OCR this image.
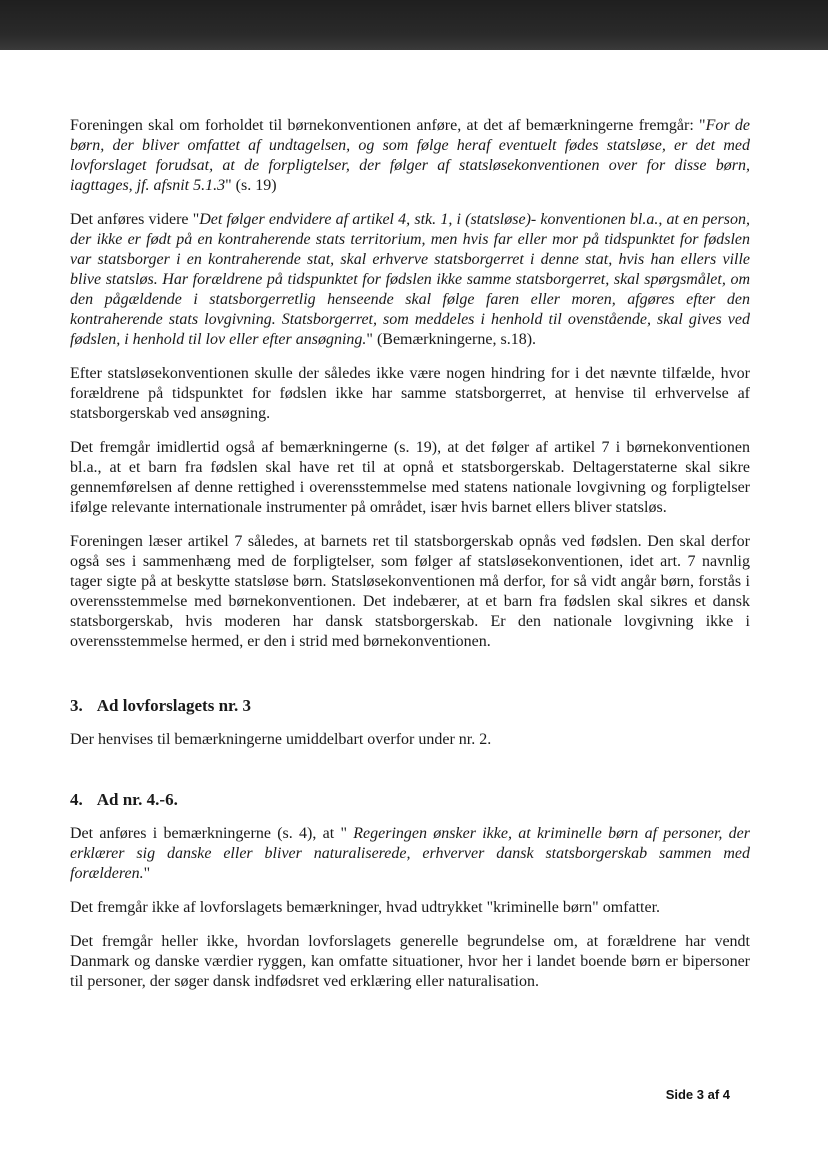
Foreningen skal om forholdet til børnekonventionen anføre, at det af bemærkningerne fremgår: "For de børn, der bliver omfattet af undtagelsen, og som følge heraf eventuelt fødes statsløse, er det med lovforslaget forudsat, at de forpligtelser, der følger af statsløsekonventionen over for disse børn, iagttages, jf. afsnit 5.1.3" (s. 19)

Det anføres videre "Det følger endvidere af artikel 4, stk. 1, i (statsløse)- konventionen bl.a., at en person, der ikke er født på en kontraherende stats territorium, men hvis far eller mor på tidspunktet for fødslen var statsborger i en kontraherende stat, skal erhverve statsborgerret i denne stat, hvis han ellers ville blive statsløs. Har forældrene på tidspunktet for fødslen ikke samme statsborgerret, skal spørgsmålet, om den pågældende i statsborgerretlig henseende skal følge faren eller moren, afgøres efter den kontraherende stats lovgivning. Statsborgerret, som meddeles i henhold til ovenstående, skal gives ved fødslen, i henhold til lov eller efter ansøgning." (Bemærkningerne, s.18).

Efter statsløsekonventionen skulle der således ikke være nogen hindring for i det nævnte tilfælde, hvor forældrene på tidspunktet for fødslen ikke har samme statsborgerret, at henvise til erhvervelse af statsborgerskab ved ansøgning.

Det fremgår imidlertid også af bemærkningerne (s. 19), at det følger af artikel 7 i børnekonventionen bl.a., at et barn fra fødslen skal have ret til at opnå et statsborgerskab. Deltagerstaterne skal sikre gennemførelsen af denne rettighed i overensstemmelse med statens nationale lovgivning og forpligtelser ifølge relevante internationale instrumenter på området, især hvis barnet ellers bliver statsløs.

Foreningen læser artikel 7 således, at barnets ret til statsborgerskab opnås ved fødslen. Den skal derfor også ses i sammenhæng med de forpligtelser, som følger af statsløsekonventionen, idet art. 7 navnlig tager sigte på at beskytte statsløse børn. Statsløsekonventionen må derfor, for så vidt angår børn, forstås i overensstemmelse med børnekonventionen. Det indebærer, at et barn fra fødslen skal sikres et dansk statsborgerskab, hvis moderen har dansk statsborgerskab. Er den nationale lovgivning ikke i overensstemmelse hermed, er den i strid med børnekonventionen.

3. Ad lovforslagets nr. 3

Der henvises til bemærkningerne umiddelbart overfor under nr. 2.

4. Ad nr. 4.-6.

Det anføres i bemærkningerne (s. 4), at " Regeringen ønsker ikke, at kriminelle børn af personer, der erklærer sig danske eller bliver naturaliserede, erhverver dansk statsborgerskab sammen med forælderen."

Det fremgår ikke af lovforslagets bemærkninger, hvad udtrykket "kriminelle børn" omfatter.

Det fremgår heller ikke, hvordan lovforslagets generelle begrundelse om, at forældrene har vendt Danmark og danske værdier ryggen, kan omfatte situationer, hvor her i landet boende børn er bipersoner til personer, der søger dansk indfødsret ved erklæring eller naturalisation.

Side 3 af 4
